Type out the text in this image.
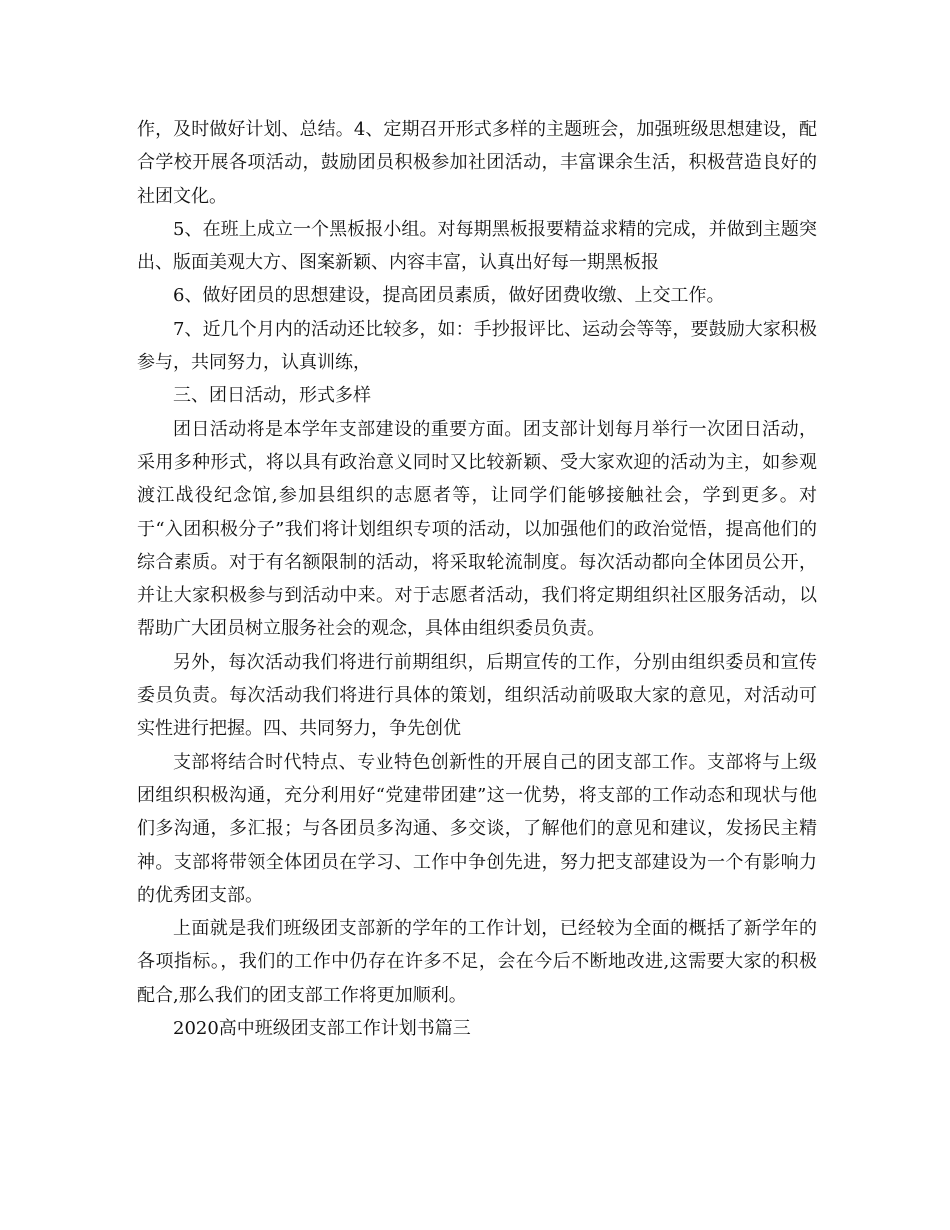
作，及时做好计划、总结。4、定期召开形式多样的主题班会，加强班级思想建设，配合学校开展各项活动，鼓励团员积极参加社团活动，丰富课余生活，积极营造良好的社团文化。

5、在班上成立一个黑板报小组。对每期黑板报要精益求精的完成，并做到主题突出、版面美观大方、图案新颖、内容丰富，认真出好每一期黑板报

6、做好团员的思想建设，提高团员素质，做好团费收缴、上交工作。

7、近几个月内的活动还比较多，如：手抄报评比、运动会等等，要鼓励大家积极参与，共同努力，认真训练，

三、团日活动，形式多样

团日活动将是本学年支部建设的重要方面。团支部计划每月举行一次团日活动，采用多种形式，将以具有政治意义同时又比较新颖、受大家欢迎的活动为主，如参观渡江战役纪念馆,参加县组织的志愿者等，让同学们能够接触社会，学到更多。对于“入团积极分子”我们将计划组织专项的活动，以加强他们的政治觉悟，提高他们的综合素质。对于有名额限制的活动，将采取轮流制度。每次活动都向全体团员公开，并让大家积极参与到活动中来。对于志愿者活动，我们将定期组织社区服务活动，以帮助广大团员树立服务社会的观念，具体由组织委员负责。

另外，每次活动我们将进行前期组织，后期宣传的工作，分别由组织委员和宣传委员负责。每次活动我们将进行具体的策划，组织活动前吸取大家的意见，对活动可实性进行把握。四、共同努力，争先创优

支部将结合时代特点、专业特色创新性的开展自己的团支部工作。支部将与上级团组织积极沟通，充分利用好“党建带团建”这一优势，将支部的工作动态和现状与他们多沟通，多汇报；与各团员多沟通、多交谈，了解他们的意见和建议，发扬民主精神。支部将带领全体团员在学习、工作中争创先进，努力把支部建设为一个有影响力的优秀团支部。

上面就是我们班级团支部新的学年的工作计划，已经较为全面的概括了新学年的各项指标。，我们的工作中仍存在许多不足，会在今后不断地改进,这需要大家的积极配合,那么我们的团支部工作将更加顺利。

2020高中班级团支部工作计划书篇三
